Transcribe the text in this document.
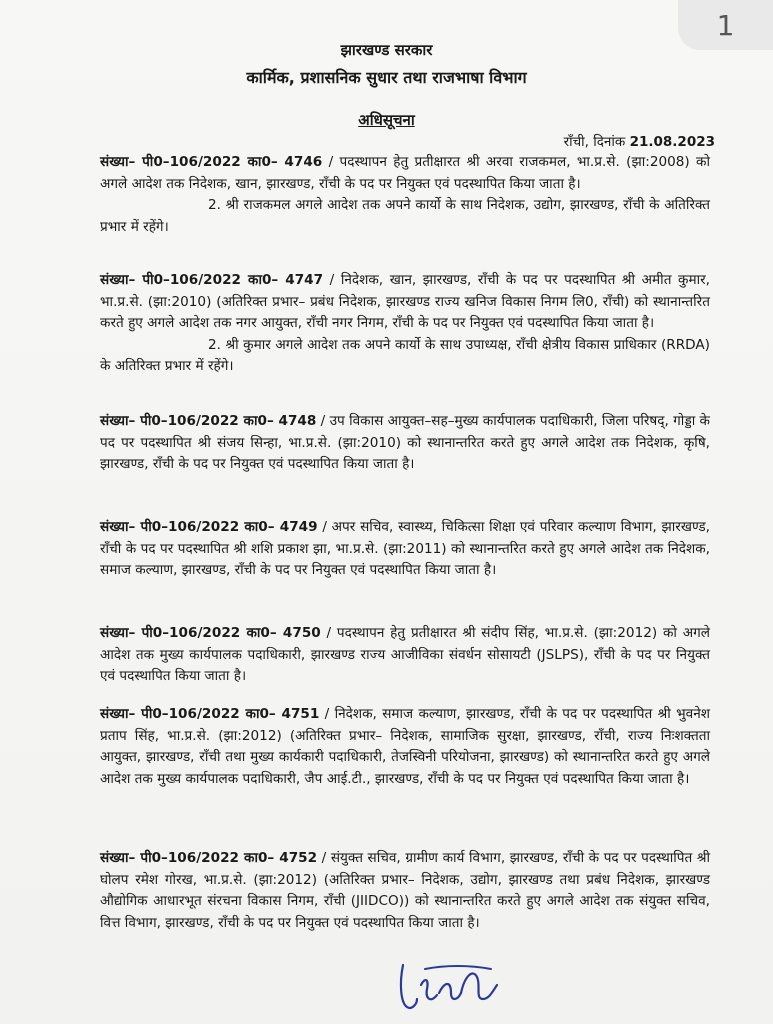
1
झारखण्ड सरकार
कार्मिक, प्रशासनिक सुधार तथा राजभाषा विभाग
अधिसूचना
राँची, दिनांक 21.08.2023

संख्या– पी0–106/2022 का0– 4746 / पदस्थापन हेतु प्रतीक्षारत श्री अरवा राजकमल, भा.प्र.से. (झा:2008) को अगले आदेश तक निदेशक, खान, झारखण्ड, राँची के पद पर नियुक्त एवं पदस्थापित किया जाता है।

2. श्री राजकमल अगले आदेश तक अपने कार्यो के साथ निदेशक, उद्योग, झारखण्ड, राँची के अतिरिक्त प्रभार में रहेंगे।

संख्या– पी0–106/2022 का0– 4747 / निदेशक, खान, झारखण्ड, राँची के पद पर पदस्थापित श्री अमीत कुमार, भा.प्र.से. (झा:2010) (अतिरिक्त प्रभार– प्रबंध निदेशक, झारखण्ड राज्य खनिज विकास निगम लि0, राँची) को स्थानान्तरित करते हुए अगले आदेश तक नगर आयुक्त, राँची नगर निगम, राँची के पद पर नियुक्त एवं पदस्थापित किया जाता है।

2. श्री कुमार अगले आदेश तक अपने कार्यो के साथ उपाध्यक्ष, राँची क्षेत्रीय विकास प्राधिकार (RRDA) के अतिरिक्त प्रभार में रहेंगे।

संख्या– पी0–106/2022 का0– 4748 / उप विकास आयुक्त–सह–मुख्य कार्यपालक पदाधिकारी, जिला परिषद्, गोड्डा के पद पर पदस्थापित श्री संजय सिन्हा, भा.प्र.से. (झा:2010) को स्थानान्तरित करते हुए अगले आदेश तक निदेशक, कृषि, झारखण्ड, राँची के पद पर नियुक्त एवं पदस्थापित किया जाता है।

संख्या– पी0–106/2022 का0– 4749 / अपर सचिव, स्वास्थ्य, चिकित्सा शिक्षा एवं परिवार कल्याण विभाग, झारखण्ड, राँची के पद पर पदस्थापित श्री शशि प्रकाश झा, भा.प्र.से. (झा:2011) को स्थानान्तरित करते हुए अगले आदेश तक निदेशक, समाज कल्याण, झारखण्ड, राँची के पद पर नियुक्त एवं पदस्थापित किया जाता है।

संख्या– पी0–106/2022 का0– 4750 / पदस्थापन हेतु प्रतीक्षारत श्री संदीप सिंह, भा.प्र.से. (झा:2012) को अगले आदेश तक मुख्य कार्यपालक पदाधिकारी, झारखण्ड राज्य आजीविका संवर्धन सोसायटी (JSLPS), राँची के पद पर नियुक्त एवं पदस्थापित किया जाता है।

संख्या– पी0–106/2022 का0– 4751 / निदेशक, समाज कल्याण, झारखण्ड, राँची के पद पर पदस्थापित श्री भुवनेश प्रताप सिंह, भा.प्र.से. (झा:2012) (अतिरिक्त प्रभार– निदेशक, सामाजिक सुरक्षा, झारखण्ड, राँची, राज्य निःशक्तता आयुक्त, झारखण्ड, राँची तथा मुख्य कार्यकारी पदाधिकारी, तेजस्विनी परियोजना, झारखण्ड) को स्थानान्तरित करते हुए अगले आदेश तक मुख्य कार्यपालक पदाधिकारी, जैप आई.टी., झारखण्ड, राँची के पद पर नियुक्त एवं पदस्थापित किया जाता है।

संख्या– पी0–106/2022 का0– 4752 / संयुक्त सचिव, ग्रामीण कार्य विभाग, झारखण्ड, राँची के पद पर पदस्थापित श्री घोलप रमेश गोरख, भा.प्र.से. (झा:2012) (अतिरिक्त प्रभार– निदेशक, उद्योग, झारखण्ड तथा प्रबंध निदेशक, झारखण्ड औद्योगिक आधारभूत संरचना विकास निगम, राँची (JIIDCO)) को स्थानान्तरित करते हुए अगले आदेश तक संयुक्त सचिव, वित्त विभाग, झारखण्ड, राँची के पद पर नियुक्त एवं पदस्थापित किया जाता है।
